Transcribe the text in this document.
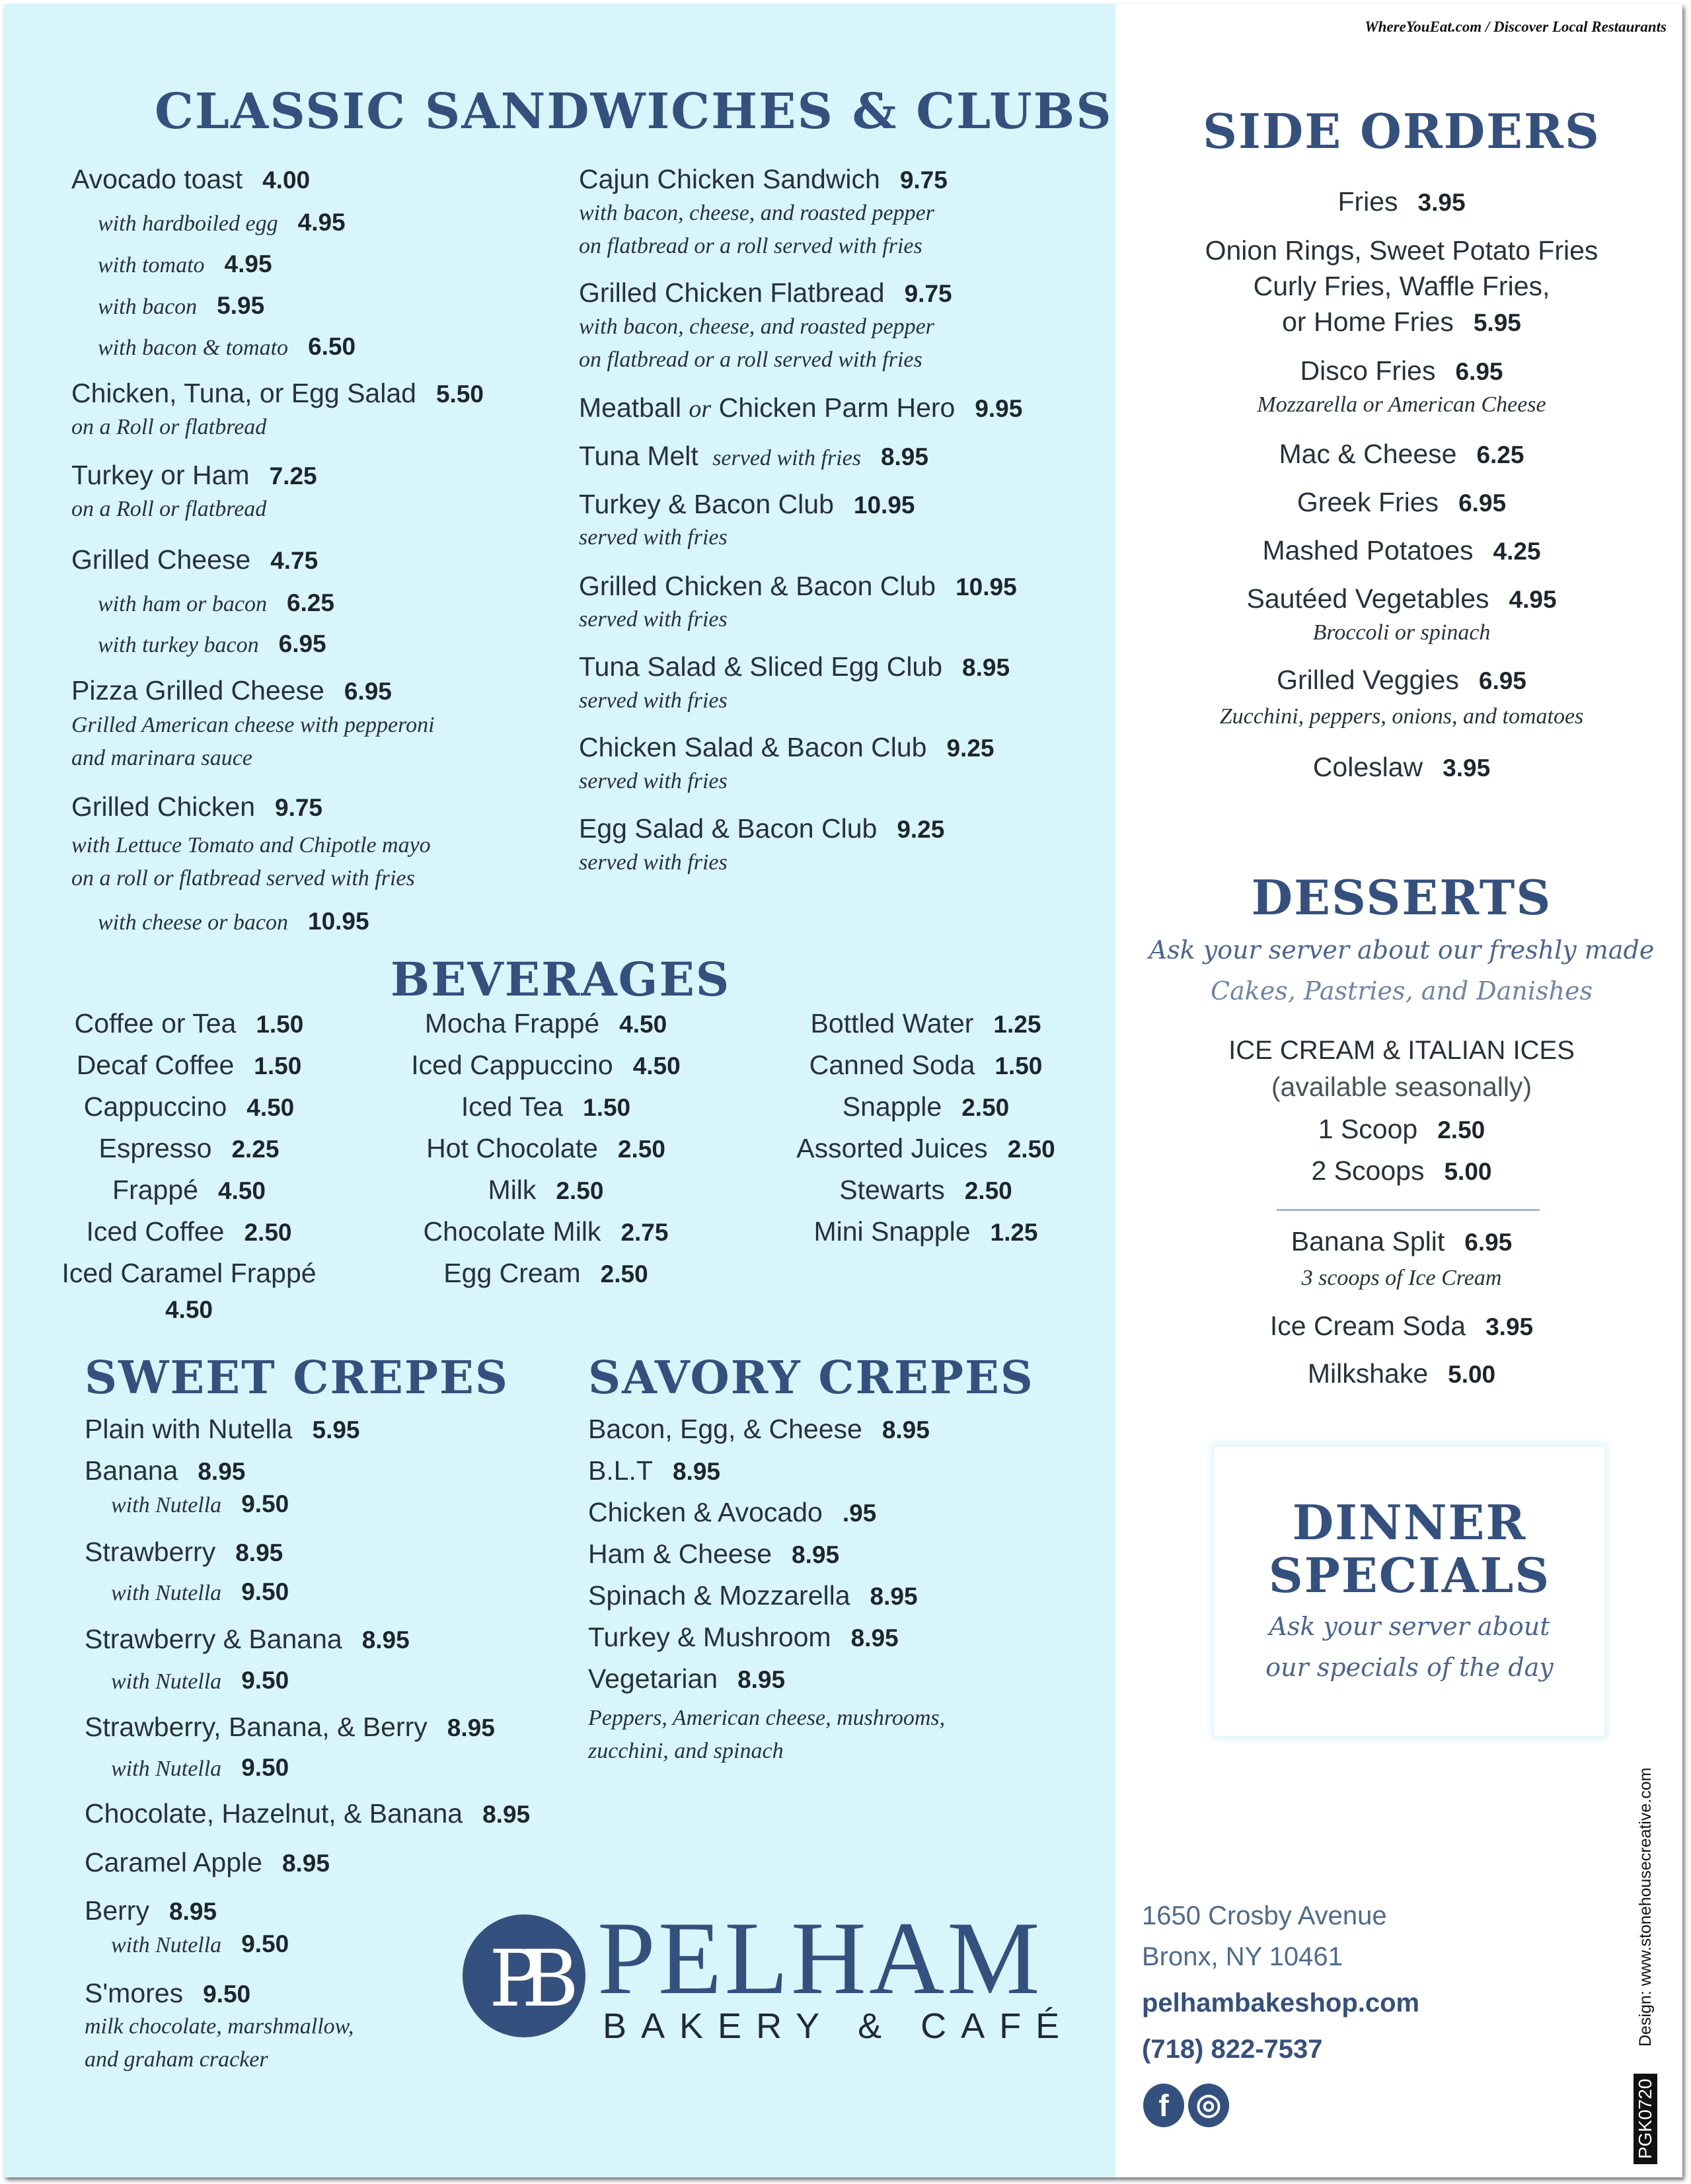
WhereYouEat.com / Discover Local Restaurants
CLASSIC SANDWICHES & CLUBS
Avocado toast 4.00
with hardboiled egg 4.95
with tomato 4.95
with bacon 5.95
with bacon & tomato 6.50
Chicken, Tuna, or Egg Salad 5.50
on a Roll or flatbread
Turkey or Ham 7.25
on a Roll or flatbread
Grilled Cheese 4.75
with ham or bacon 6.25
with turkey bacon 6.95
Pizza Grilled Cheese 6.95
Grilled American cheese with pepperoni
and marinara sauce
Grilled Chicken 9.75
with Lettuce Tomato and Chipotle mayo
on a roll or flatbread served with fries
with cheese or bacon 10.95
Cajun Chicken Sandwich 9.75
with bacon, cheese, and roasted pepper
on flatbread or a roll served with fries
Grilled Chicken Flatbread 9.75
with bacon, cheese, and roasted pepper
on flatbread or a roll served with fries
Meatball or Chicken Parm Hero 9.95
Tuna Melt served with fries 8.95
Turkey & Bacon Club 10.95
served with fries
Grilled Chicken & Bacon Club 10.95
served with fries
Tuna Salad & Sliced Egg Club 8.95
served with fries
Chicken Salad & Bacon Club 9.25
served with fries
Egg Salad & Bacon Club 9.25
served with fries
BEVERAGES
Coffee or Tea 1.50
Decaf Coffee 1.50
Cappuccino 4.50
Espresso 2.25
Frappé 4.50
Iced Coffee 2.50
Iced Caramel Frappé
4.50
Mocha Frappé 4.50
Iced Cappuccino 4.50
Iced Tea 1.50
Hot Chocolate 2.50
Milk 2.50
Chocolate Milk 2.75
Egg Cream 2.50
Bottled Water 1.25
Canned Soda 1.50
Snapple 2.50
Assorted Juices 2.50
Stewarts 2.50
Mini Snapple 1.25
SWEET CREPES
Plain with Nutella 5.95
Banana 8.95
with Nutella 9.50
Strawberry 8.95
with Nutella 9.50
Strawberry & Banana 8.95
with Nutella 9.50
Strawberry, Banana, & Berry 8.95
with Nutella 9.50
Chocolate, Hazelnut, & Banana 8.95
Caramel Apple 8.95
Berry 8.95
with Nutella 9.50
S'mores 9.50
milk chocolate, marshmallow,
and graham cracker
SAVORY CREPES
Bacon, Egg, & Cheese 8.95
B.L.T 8.95
Chicken & Avocado .95
Ham & Cheese 8.95
Spinach & Mozzarella 8.95
Turkey & Mushroom 8.95
Vegetarian 8.95
Peppers, American cheese, mushrooms,
zucchini, and spinach
PB PELHAM
BAKERY & CAFÉ
SIDE ORDERS
Fries 3.95
Onion Rings, Sweet Potato Fries
Curly Fries, Waffle Fries,
or Home Fries 5.95
Disco Fries 6.95
Mozzarella or American Cheese
Mac & Cheese 6.25
Greek Fries 6.95
Mashed Potatoes 4.25
Sautéed Vegetables 4.95
Broccoli or spinach
Grilled Veggies 6.95
Zucchini, peppers, onions, and tomatoes
Coleslaw 3.95
DESSERTS
Ask your server about our freshly made
Cakes, Pastries, and Danishes
ICE CREAM & ITALIAN ICES
(available seasonally)
1 Scoop 2.50
2 Scoops 5.00
Banana Split 6.95
3 scoops of Ice Cream
Ice Cream Soda 3.95
Milkshake 5.00
DINNER
SPECIALS
Ask your server about
our specials of the day
1650 Crosby Avenue
Bronx, NY 10461
pelhambakeshop.com
(718) 822-7537
f ◎
Design: www.stonehousecreative.com
PGK0720
